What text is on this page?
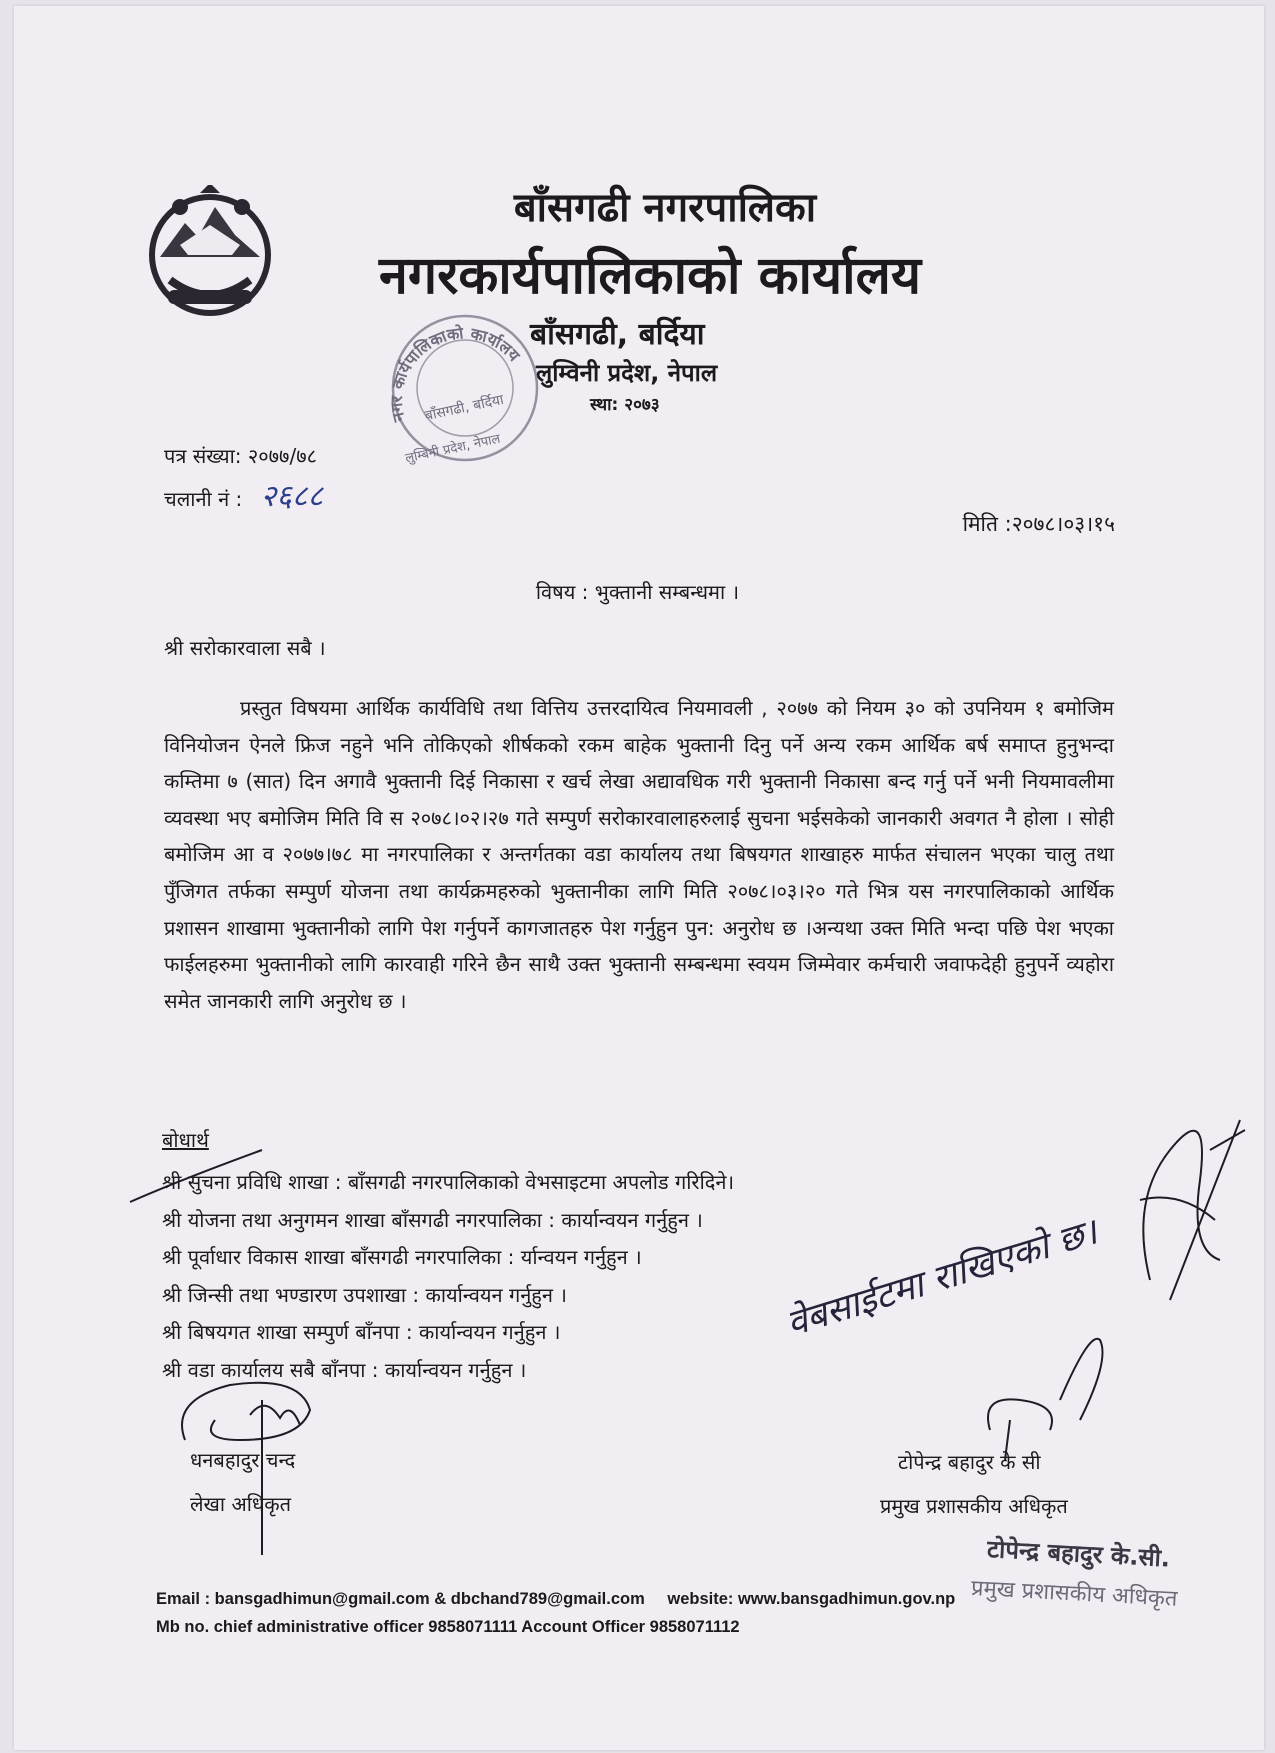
बाँसगढी नगरपालिका
नगरकार्यपालिकाको कार्यालय
बाँसगढी, बर्दिया
लुम्विनी प्रदेश, नेपाल
स्था: २०७३
नगर कार्यपालिकाको कार्यालय
बाँसगढी, बर्दिया
लुम्बिनी प्रदेश, नेपाल
पत्र संख्या: २०७७/७८
चलानी नं : २६८८
मिति :२०७८।०३।१५
विषय : भुक्तानी सम्बन्धमा ।
श्री सरोकारवाला सबै ।

प्रस्तुत विषयमा आर्थिक कार्यविधि तथा वित्तिय उत्तरदायित्व नियमावली , २०७७ को नियम ३० को उपनियम १ बमोजिम विनियोजन ऐनले फ्रिज नहुने भनि तोकिएको शीर्षकको रकम बाहेक भुक्तानी दिनु पर्ने अन्य रकम आर्थिक बर्ष समाप्त हुनुभन्दा कम्तिमा ७ (सात) दिन अगावै भुक्तानी दिई निकासा र खर्च लेखा अद्यावधिक गरी भुक्तानी निकासा बन्द गर्नु पर्ने भनी नियमावलीमा व्यवस्था भए बमोजिम मिति वि स २०७८।०२।२७ गते सम्पुर्ण सरोकारवालाहरुलाई सुचना भईसकेको जानकारी अवगत नै होला । सोही बमोजिम आ व २०७७।७८ मा नगरपालिका र अन्तर्गतका वडा कार्यालय तथा बिषयगत शाखाहरु मार्फत संचालन भएका चालु तथा पुँजिगत तर्फका सम्पुर्ण योजना तथा कार्यक्रमहरुको भुक्तानीका लागि मिति २०७८।०३।२० गते भित्र यस नगरपालिकाको आर्थिक प्रशासन शाखामा भुक्तानीको लागि पेश गर्नुपर्ने कागजातहरु पेश गर्नुहुन पुन: अनुरोध छ ।अन्यथा उक्त मिति भन्दा पछि पेश भएका फाईलहरुमा भुक्तानीको लागि कारवाही गरिने छैन साथै उक्त भुक्तानी सम्बन्धमा स्वयम जिम्मेवार कर्मचारी जवाफदेही हुनुपर्ने व्यहोरा समेत जानकारी लागि अनुरोध छ ।

बोधार्थ
श्री सुचना प्रविधि शाखा : बाँसगढी नगरपालिकाको वेभसाइटमा अपलोड गरिदिने।
श्री योजना तथा अनुगमन शाखा बाँसगढी नगरपालिका : कार्यान्वयन गर्नुहुन ।
श्री पूर्वाधार विकास शाखा बाँसगढी नगरपालिका : र्यान्वयन गर्नुहुन ।
श्री जिन्सी तथा भण्डारण उपशाखा : कार्यान्वयन गर्नुहुन ।
श्री बिषयगत शाखा सम्पुर्ण बाँनपा : कार्यान्वयन गर्नुहुन ।
श्री वडा कार्यालय सबै बाँनपा : कार्यान्वयन गर्नुहुन ।
धनबहादुर चन्द
लेखा अधिकृत
टोपेन्द्र बहादुर के सी
प्रमुख प्रशासकीय अधिकृत
टोपेन्द्र बहादुर के.सी.
प्रमुख प्रशासकीय अधिकृत
वेबसाईटमा राखिएको छ।
Email : bansgadhimun@gmail.com & dbchand789@gmail.com website: www.bansgadhimun.gov.np
Mb no. chief administrative officer 9858071111 Account Officer 9858071112
